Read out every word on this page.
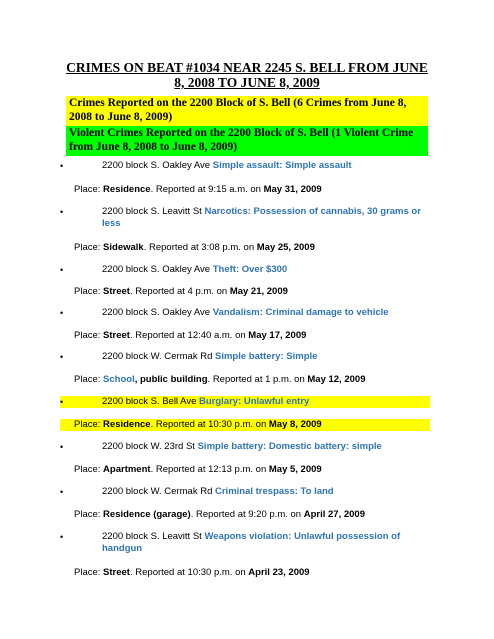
CRIMES ON BEAT #1034 NEAR 2245 S. BELL FROM JUNE 8, 2008 TO JUNE 8, 2009
Crimes Reported on the 2200 Block of S. Bell (6 Crimes from June 8, 2008 to June 8, 2009)
Violent Crimes Reported on the 2200 Block of S. Bell (1 Violent Crime from June 8, 2008 to June 8, 2009)
•	2200 block S. Oakley Ave Simple assault: Simple assault
Place: Residence. Reported at 9:15 a.m. on May 31, 2009
•	2200 block S. Leavitt St Narcotics: Possession of cannabis, 30 grams or less
Place: Sidewalk. Reported at 3:08 p.m. on May 25, 2009
•	2200 block S. Oakley Ave Theft: Over $300
Place: Street. Reported at 4 p.m. on May 21, 2009
•	2200 block S. Oakley Ave Vandalism: Criminal damage to vehicle
Place: Street. Reported at 12:40 a.m. on May 17, 2009
•	2200 block W. Cermak Rd Simple battery: Simple
Place: School, public building. Reported at 1 p.m. on May 12, 2009
•	2200 block S. Bell Ave Burglary: Unlawful entry
Place: Residence. Reported at 10:30 p.m. on May 8, 2009
•	2200 block W. 23rd St Simple battery: Domestic battery: simple
Place: Apartment. Reported at 12:13 p.m. on May 5, 2009
•	2200 block W. Cermak Rd Criminal trespass: To land
Place: Residence (garage). Reported at 9:20 p.m. on April 27, 2009
•	2200 block S. Leavitt St Weapons violation: Unlawful possession of handgun
Place: Street. Reported at 10:30 p.m. on April 23, 2009
